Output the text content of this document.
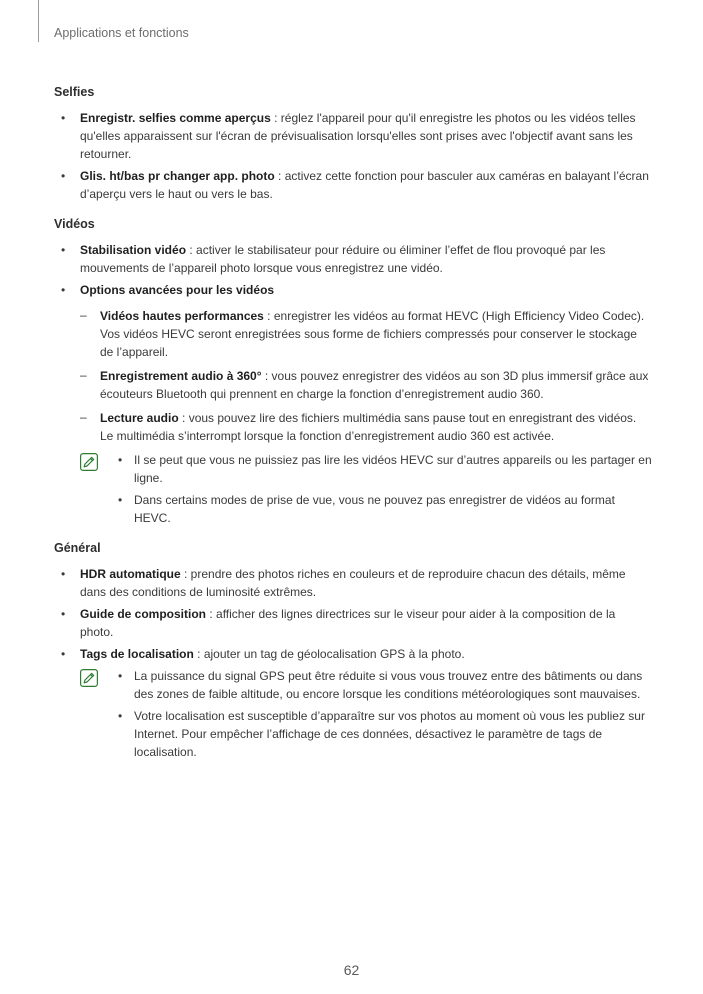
Applications et fonctions
Selfies
• Enregistr. selfies comme aperçus : réglez l'appareil pour qu'il enregistre les photos ou les vidéos telles qu'elles apparaissent sur l'écran de prévisualisation lorsqu'elles sont prises avec l'objectif avant sans les retourner.
• Glis. ht/bas pr changer app. photo : activez cette fonction pour basculer aux caméras en balayant l’écran d’aperçu vers le haut ou vers le bas.
Vidéos
• Stabilisation vidéo : activer le stabilisateur pour réduire ou éliminer l’effet de flou provoqué par les mouvements de l’appareil photo lorsque vous enregistrez une vidéo.
• Options avancées pour les vidéos
– Vidéos hautes performances : enregistrer les vidéos au format HEVC (High Efficiency Video Codec). Vos vidéos HEVC seront enregistrées sous forme de fichiers compressés pour conserver le stockage de l’appareil.
– Enregistrement audio à 360° : vous pouvez enregistrer des vidéos au son 3D plus immersif grâce aux écouteurs Bluetooth qui prennent en charge la fonction d’enregistrement audio 360.
– Lecture audio : vous pouvez lire des fichiers multimédia sans pause tout en enregistrant des vidéos. Le multimédia s’interrompt lorsque la fonction d’enregistrement audio 360 est activée.
• Il se peut que vous ne puissiez pas lire les vidéos HEVC sur d’autres appareils ou les partager en ligne.
• Dans certains modes de prise de vue, vous ne pouvez pas enregistrer de vidéos au format HEVC.
Général
• HDR automatique : prendre des photos riches en couleurs et de reproduire chacun des détails, même dans des conditions de luminosité extrêmes.
• Guide de composition : afficher des lignes directrices sur le viseur pour aider à la composition de la photo.
• Tags de localisation : ajouter un tag de géolocalisation GPS à la photo.
• La puissance du signal GPS peut être réduite si vous vous trouvez entre des bâtiments ou dans des zones de faible altitude, ou encore lorsque les conditions météorologiques sont mauvaises.
• Votre localisation est susceptible d’apparaître sur vos photos au moment où vous les publiez sur Internet. Pour empêcher l’affichage de ces données, désactivez le paramètre de tags de localisation.
62
